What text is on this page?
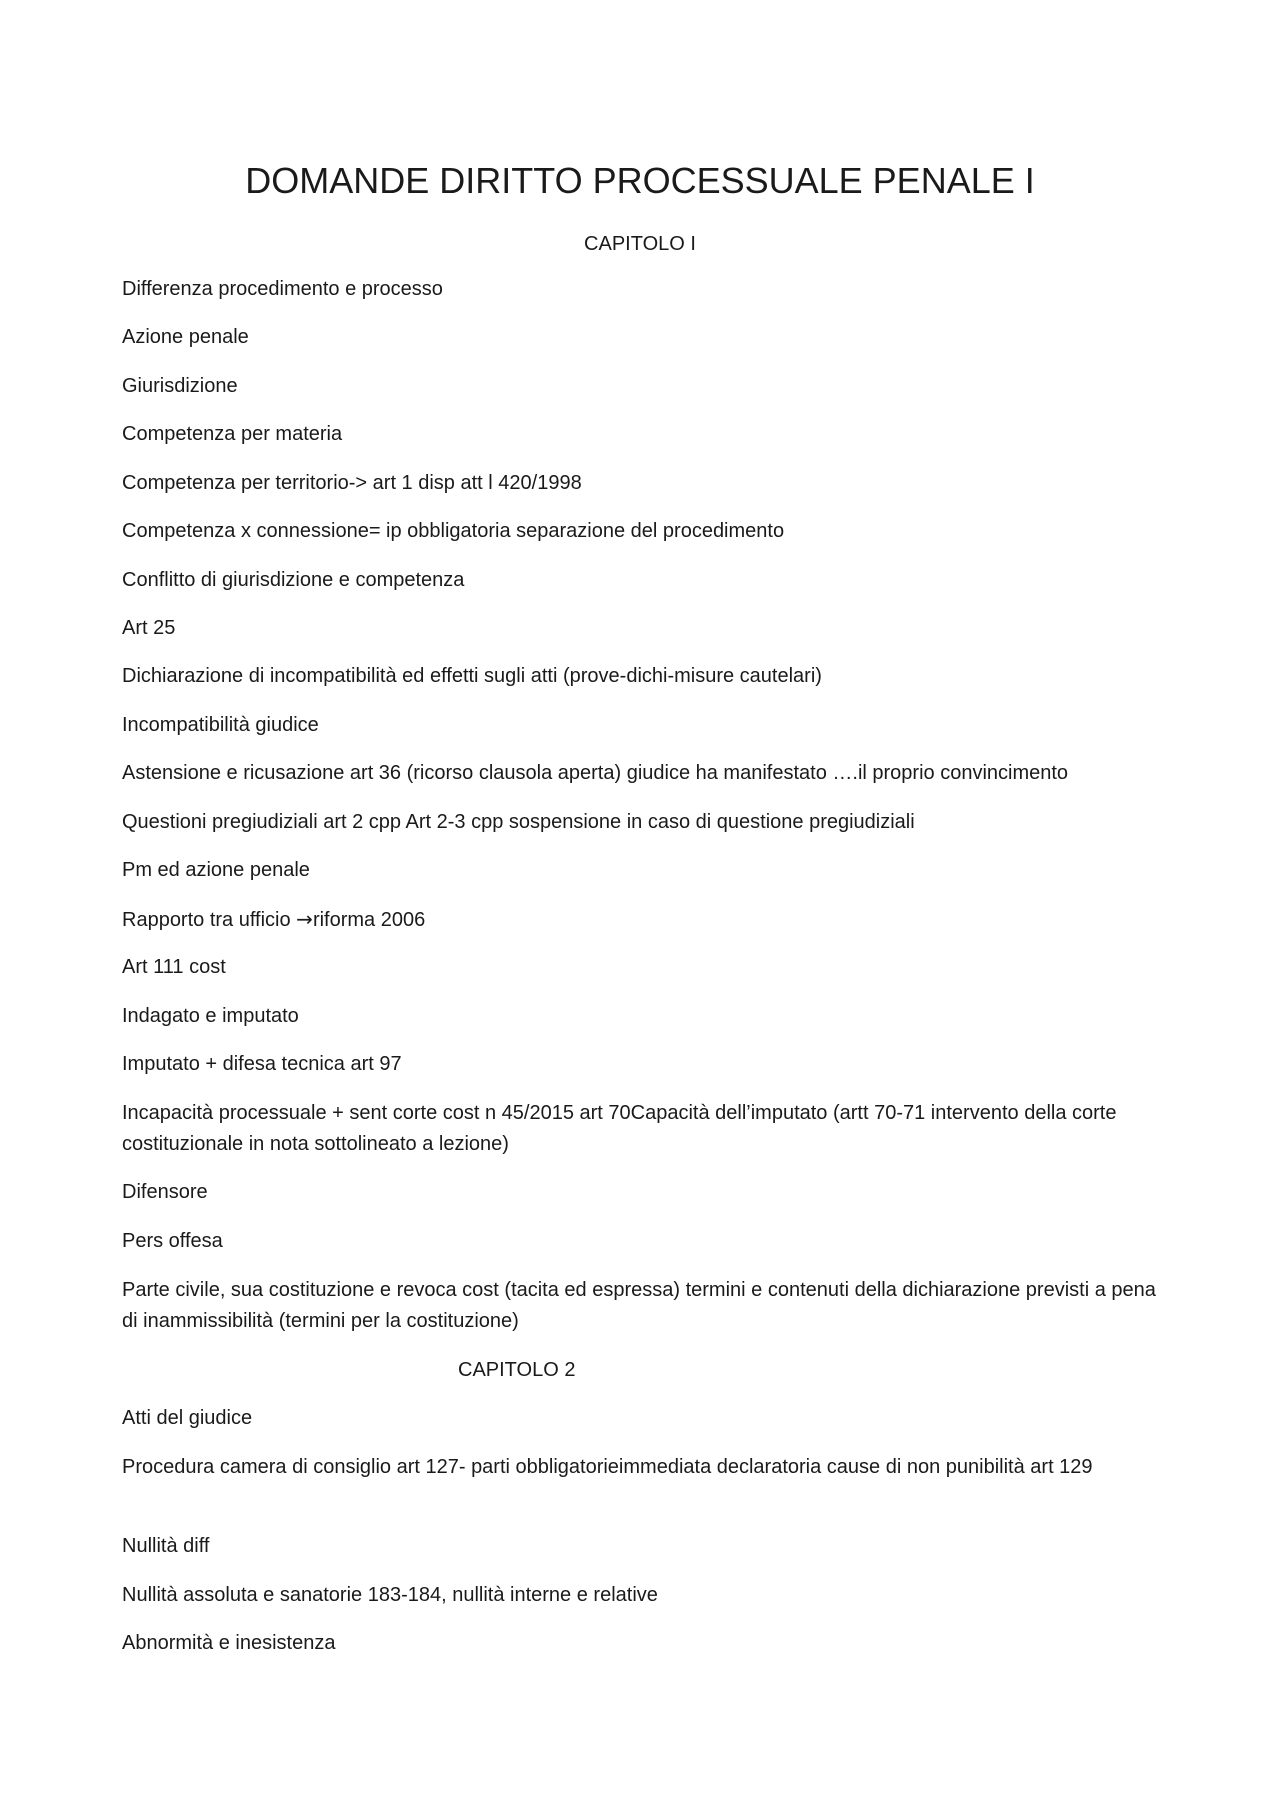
DOMANDE DIRITTO PROCESSUALE PENALE I

CAPITOLO I

Differenza procedimento e processo

Azione penale

Giurisdizione

Competenza per materia

Competenza per territorio-> art 1 disp att l 420/1998

Competenza x connessione= ip obbligatoria separazione del procedimento

Conflitto di giurisdizione e competenza

Art 25

Dichiarazione di incompatibilità ed effetti sugli atti (prove-dichi-misure cautelari)

Incompatibilità giudice

Astensione e ricusazione art 36 (ricorso clausola aperta) giudice ha manifestato ….il proprio convincimento

Questioni pregiudiziali art 2 cpp Art 2-3 cpp sospensione in caso di questione pregiudiziali

Pm ed azione penale

Rapporto tra ufficio →riforma 2006

Art 111 cost

Indagato e imputato

Imputato + difesa tecnica art 97

Incapacità processuale + sent corte cost n 45/2015 art 70Capacità dell’imputato (artt 70-71 intervento della corte costituzionale in nota sottolineato a lezione)

Difensore

Pers offesa

Parte civile, sua costituzione e revoca cost (tacita ed espressa) termini e contenuti della dichiarazione previsti a pena di inammissibilità (termini per la costituzione)

CAPITOLO 2

Atti del giudice

Procedura camera di consiglio art 127- parti obbligatorieimmediata declaratoria cause di non punibilità art 129

Nullità diff

Nullità assoluta e sanatorie 183-184, nullità interne e relative

Abnormità e inesistenza
